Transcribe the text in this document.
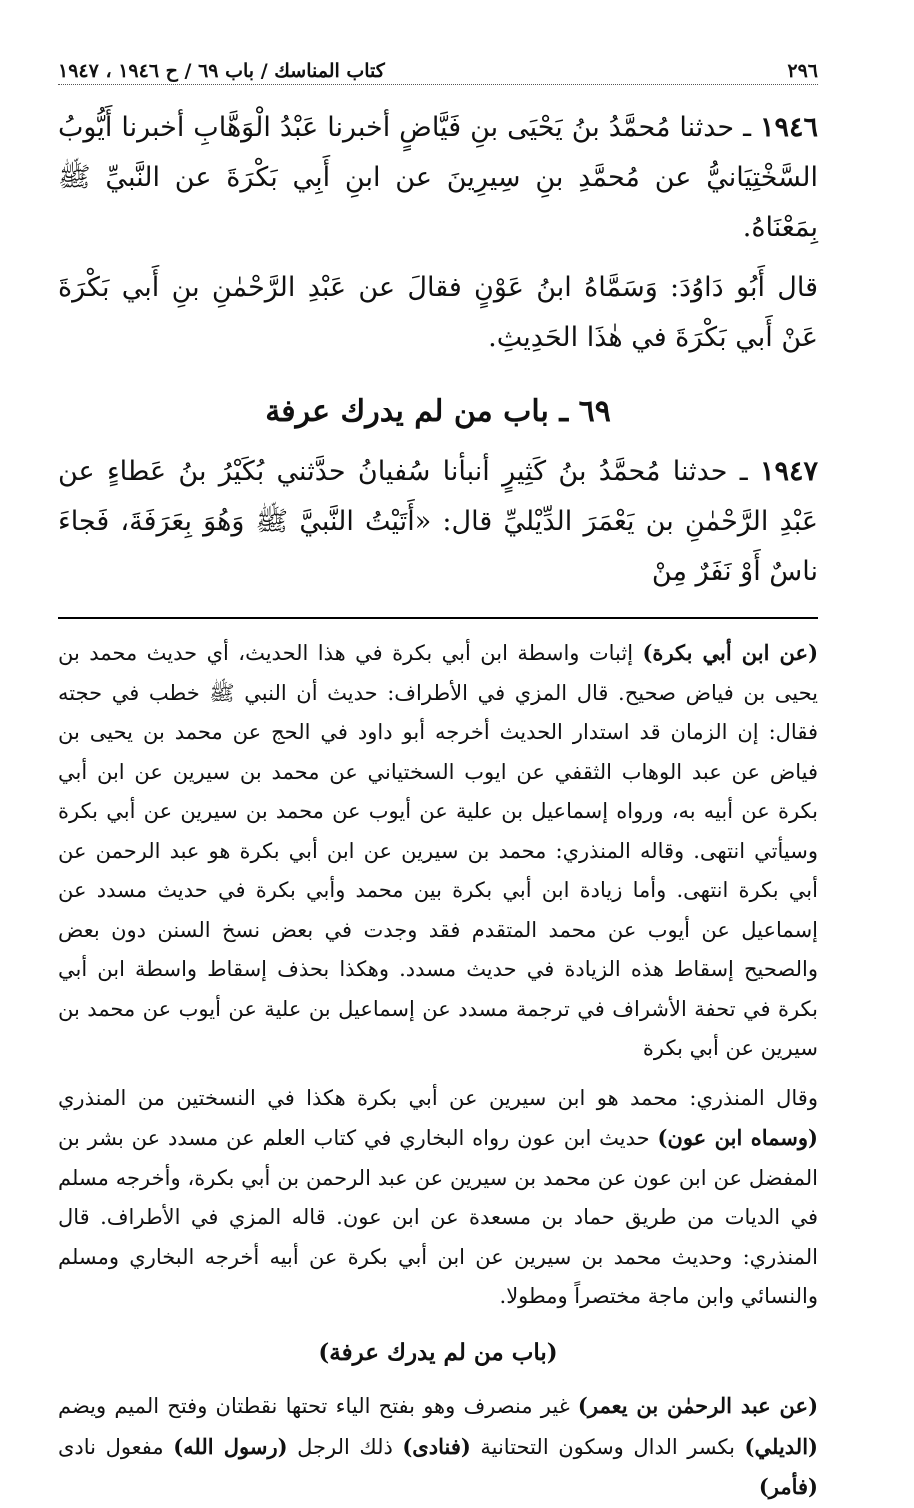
٢٩٦
كتاب المناسك / باب ٦٩ / ح ١٩٤٦ ، ١٩٤٧

١٩٤٦ ـ حدثنا مُحمَّدُ بنُ يَحْيَى بنِ فَيَّاضٍ أخبرنا عَبْدُ الْوَهَّابِ أخبرنا أَيُّوبُ السَّخْتِيَانيُّ عن مُحمَّدِ بنِ سِيرِينَ عن ابنِ أَبِي بَكْرَةَ عن النَّبيِّ ﷺ بِمَعْنَاهُ.

قال أَبُو دَاوُدَ: وَسَمَّاهُ ابنُ عَوْنٍ فقالَ عن عَبْدِ الرَّحْمٰنِ بنِ أَبي بَكْرَةَ عَنْ أَبي بَكْرَةَ في هٰذَا الحَدِيثِ.

٦٩ ـ باب من لم يدرك عرفة

١٩٤٧ ـ حدثنا مُحمَّدُ بنُ كَثِيرٍ أنبأنا سُفيانُ حدَّثني بُكَيْرُ بنُ عَطاءٍ عن عَبْدِ الرَّحْمٰنِ بن يَعْمَرَ الدِّيْليِّ قال: «أَتَيْتُ النَّبيَّ ﷺ وَهُوَ بِعَرَفَةَ، فَجاءَ ناسٌ أَوْ نَفَرٌ مِنْ

(عن ابن أبي بكرة) إثبات واسطة ابن أبي بكرة في هذا الحديث، أي حديث محمد بن يحيى بن فياض صحيح. قال المزي في الأطراف: حديث أن النبي ﷺ خطب في حجته فقال: إن الزمان قد استدار الحديث أخرجه أبو داود في الحج عن محمد بن يحيى بن فياض عن عبد الوهاب الثقفي عن ايوب السختياني عن محمد بن سيرين عن ابن أبي بكرة عن أبيه به، ورواه إسماعيل بن علية عن أيوب عن محمد بن سيرين عن أبي بكرة وسيأتي انتهى. وقاله المنذري: محمد بن سيرين عن ابن أبي بكرة هو عبد الرحمن عن أبي بكرة انتهى. وأما زيادة ابن أبي بكرة بين محمد وأبي بكرة في حديث مسدد عن إسماعيل عن أيوب عن محمد المتقدم فقد وجدت في بعض نسخ السنن دون بعض والصحيح إسقاط هذه الزيادة في حديث مسدد. وهكذا بحذف إسقاط واسطة ابن أبي بكرة في تحفة الأشراف في ترجمة مسدد عن إسماعيل بن علية عن أيوب عن محمد بن سيرين عن أبي بكرة

وقال المنذري: محمد هو ابن سيرين عن أبي بكرة هكذا في النسختين من المنذري (وسماه ابن عون) حديث ابن عون رواه البخاري في كتاب العلم عن مسدد عن بشر بن المفضل عن ابن عون عن محمد بن سيرين عن عبد الرحمن بن أبي بكرة، وأخرجه مسلم في الديات من طريق حماد بن مسعدة عن ابن عون. قاله المزي في الأطراف. قال المنذري: وحديث محمد بن سيرين عن ابن أبي بكرة عن أبيه أخرجه البخاري ومسلم والنسائي وابن ماجة مختصراً ومطولا.

(باب من لم يدرك عرفة)

(عن عبد الرحمٰن بن يعمر) غير منصرف وهو بفتح الياء تحتها نقطتان وفتح الميم ويضم (الديلي) بكسر الدال وسكون التحتانية (فنادى) ذلك الرجل (رسول الله) مفعول نادى (فأمر)
